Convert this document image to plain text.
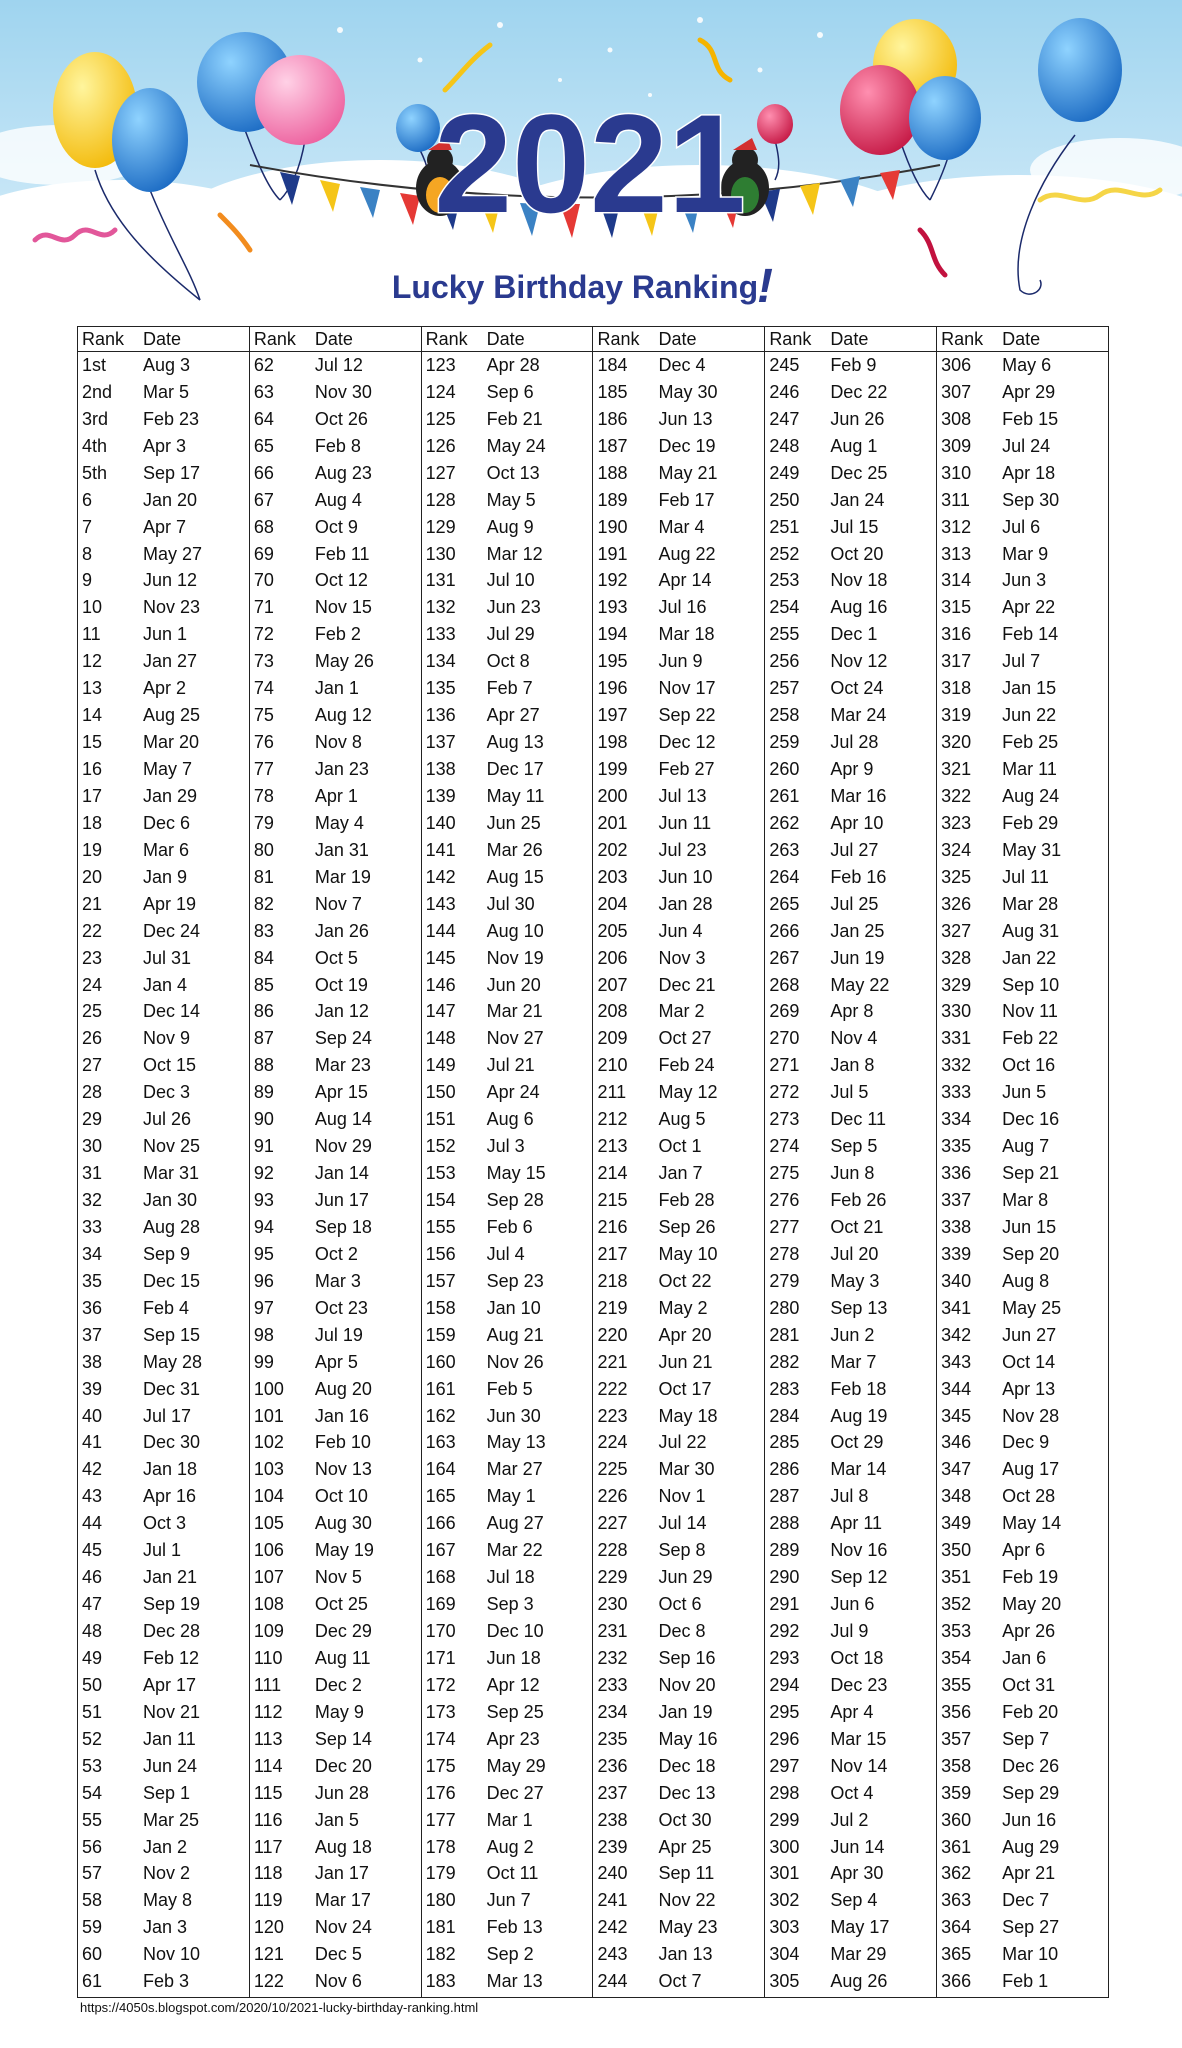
2021
Lucky Birthday Ranking
!
Rank	Date
1st	Aug 3
2nd	Mar 5
3rd	Feb 23
4th	Apr 3
5th	Sep 17
6	Jan 20
7	Apr 7
8	May 27
9	Jun 12
10	Nov 23
11	Jun 1
12	Jan 27
13	Apr 2
14	Aug 25
15	Mar 20
16	May 7
17	Jan 29
18	Dec 6
19	Mar 6
20	Jan 9
21	Apr 19
22	Dec 24
23	Jul 31
24	Jan 4
25	Dec 14
26	Nov 9
27	Oct 15
28	Dec 3
29	Jul 26
30	Nov 25
31	Mar 31
32	Jan 30
33	Aug 28
34	Sep 9
35	Dec 15
36	Feb 4
37	Sep 15
38	May 28
39	Dec 31
40	Jul 17
41	Dec 30
42	Jan 18
43	Apr 16
44	Oct 3
45	Jul 1
46	Jan 21
47	Sep 19
48	Dec 28
49	Feb 12
50	Apr 17
51	Nov 21
52	Jan 11
53	Jun 24
54	Sep 1
55	Mar 25
56	Jan 2
57	Nov 2
58	May 8
59	Jan 3
60	Nov 10
61	Feb 3
Rank	Date
62	Jul 12
63	Nov 30
64	Oct 26
65	Feb 8
66	Aug 23
67	Aug 4
68	Oct 9
69	Feb 11
70	Oct 12
71	Nov 15
72	Feb 2
73	May 26
74	Jan 1
75	Aug 12
76	Nov 8
77	Jan 23
78	Apr 1
79	May 4
80	Jan 31
81	Mar 19
82	Nov 7
83	Jan 26
84	Oct 5
85	Oct 19
86	Jan 12
87	Sep 24
88	Mar 23
89	Apr 15
90	Aug 14
91	Nov 29
92	Jan 14
93	Jun 17
94	Sep 18
95	Oct 2
96	Mar 3
97	Oct 23
98	Jul 19
99	Apr 5
100	Aug 20
101	Jan 16
102	Feb 10
103	Nov 13
104	Oct 10
105	Aug 30
106	May 19
107	Nov 5
108	Oct 25
109	Dec 29
110	Aug 11
111	Dec 2
112	May 9
113	Sep 14
114	Dec 20
115	Jun 28
116	Jan 5
117	Aug 18
118	Jan 17
119	Mar 17
120	Nov 24
121	Dec 5
122	Nov 6
Rank	Date
123	Apr 28
124	Sep 6
125	Feb 21
126	May 24
127	Oct 13
128	May 5
129	Aug 9
130	Mar 12
131	Jul 10
132	Jun 23
133	Jul 29
134	Oct 8
135	Feb 7
136	Apr 27
137	Aug 13
138	Dec 17
139	May 11
140	Jun 25
141	Mar 26
142	Aug 15
143	Jul 30
144	Aug 10
145	Nov 19
146	Jun 20
147	Mar 21
148	Nov 27
149	Jul 21
150	Apr 24
151	Aug 6
152	Jul 3
153	May 15
154	Sep 28
155	Feb 6
156	Jul 4
157	Sep 23
158	Jan 10
159	Aug 21
160	Nov 26
161	Feb 5
162	Jun 30
163	May 13
164	Mar 27
165	May 1
166	Aug 27
167	Mar 22
168	Jul 18
169	Sep 3
170	Dec 10
171	Jun 18
172	Apr 12
173	Sep 25
174	Apr 23
175	May 29
176	Dec 27
177	Mar 1
178	Aug 2
179	Oct 11
180	Jun 7
181	Feb 13
182	Sep 2
183	Mar 13
Rank	Date
184	Dec 4
185	May 30
186	Jun 13
187	Dec 19
188	May 21
189	Feb 17
190	Mar 4
191	Aug 22
192	Apr 14
193	Jul 16
194	Mar 18
195	Jun 9
196	Nov 17
197	Sep 22
198	Dec 12
199	Feb 27
200	Jul 13
201	Jun 11
202	Jul 23
203	Jun 10
204	Jan 28
205	Jun 4
206	Nov 3
207	Dec 21
208	Mar 2
209	Oct 27
210	Feb 24
211	May 12
212	Aug 5
213	Oct 1
214	Jan 7
215	Feb 28
216	Sep 26
217	May 10
218	Oct 22
219	May 2
220	Apr 20
221	Jun 21
222	Oct 17
223	May 18
224	Jul 22
225	Mar 30
226	Nov 1
227	Jul 14
228	Sep 8
229	Jun 29
230	Oct 6
231	Dec 8
232	Sep 16
233	Nov 20
234	Jan 19
235	May 16
236	Dec 18
237	Dec 13
238	Oct 30
239	Apr 25
240	Sep 11
241	Nov 22
242	May 23
243	Jan 13
244	Oct 7
Rank	Date
245	Feb 9
246	Dec 22
247	Jun 26
248	Aug 1
249	Dec 25
250	Jan 24
251	Jul 15
252	Oct 20
253	Nov 18
254	Aug 16
255	Dec 1
256	Nov 12
257	Oct 24
258	Mar 24
259	Jul 28
260	Apr 9
261	Mar 16
262	Apr 10
263	Jul 27
264	Feb 16
265	Jul 25
266	Jan 25
267	Jun 19
268	May 22
269	Apr 8
270	Nov 4
271	Jan 8
272	Jul 5
273	Dec 11
274	Sep 5
275	Jun 8
276	Feb 26
277	Oct 21
278	Jul 20
279	May 3
280	Sep 13
281	Jun 2
282	Mar 7
283	Feb 18
284	Aug 19
285	Oct 29
286	Mar 14
287	Jul 8
288	Apr 11
289	Nov 16
290	Sep 12
291	Jun 6
292	Jul 9
293	Oct 18
294	Dec 23
295	Apr 4
296	Mar 15
297	Nov 14
298	Oct 4
299	Jul 2
300	Jun 14
301	Apr 30
302	Sep 4
303	May 17
304	Mar 29
305	Aug 26
Rank	Date
306	May 6
307	Apr 29
308	Feb 15
309	Jul 24
310	Apr 18
311	Sep 30
312	Jul 6
313	Mar 9
314	Jun 3
315	Apr 22
316	Feb 14
317	Jul 7
318	Jan 15
319	Jun 22
320	Feb 25
321	Mar 11
322	Aug 24
323	Feb 29
324	May 31
325	Jul 11
326	Mar 28
327	Aug 31
328	Jan 22
329	Sep 10
330	Nov 11
331	Feb 22
332	Oct 16
333	Jun 5
334	Dec 16
335	Aug 7
336	Sep 21
337	Mar 8
338	Jun 15
339	Sep 20
340	Aug 8
341	May 25
342	Jun 27
343	Oct 14
344	Apr 13
345	Nov 28
346	Dec 9
347	Aug 17
348	Oct 28
349	May 14
350	Apr 6
351	Feb 19
352	May 20
353	Apr 26
354	Jan 6
355	Oct 31
356	Feb 20
357	Sep 7
358	Dec 26
359	Sep 29
360	Jun 16
361	Aug 29
362	Apr 21
363	Dec 7
364	Sep 27
365	Mar 10
366	Feb 1
https://4050s.blogspot.com/2020/10/2021-lucky-birthday-ranking.html
